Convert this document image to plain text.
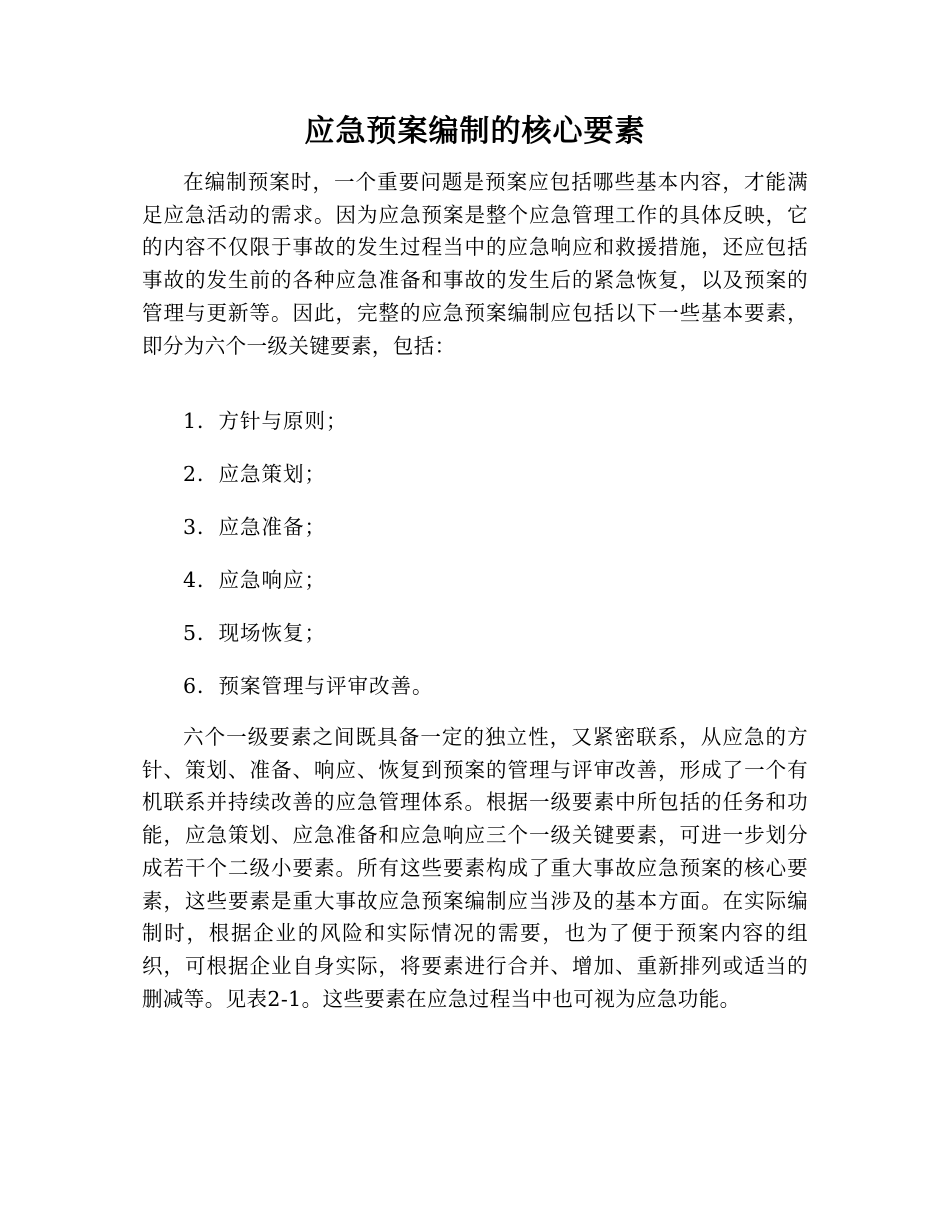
应急预案编制的核心要素

在编制预案时，一个重要问题是预案应包括哪些基本内容，才能满足应急活动的需求。因为应急预案是整个应急管理工作的具体反映，它的内容不仅限于事故的发生过程当中的应急响应和救援措施，还应包括事故的发生前的各种应急准备和事故的发生后的紧急恢复，以及预案的管理与更新等。因此，完整的应急预案编制应包括以下一些基本要素，即分为六个一级关键要素，包括：

1．方针与原则；
2．应急策划；
3．应急准备；
4．应急响应；
5．现场恢复；
6．预案管理与评审改善。

六个一级要素之间既具备一定的独立性，又紧密联系，从应急的方针、策划、准备、响应、恢复到预案的管理与评审改善，形成了一个有机联系并持续改善的应急管理体系。根据一级要素中所包括的任务和功能，应急策划、应急准备和应急响应三个一级关键要素，可进一步划分成若干个二级小要素。所有这些要素构成了重大事故应急预案的核心要素，这些要素是重大事故应急预案编制应当涉及的基本方面。在实际编制时，根据企业的风险和实际情况的需要，也为了便于预案内容的组织，可根据企业自身实际，将要素进行合并、增加、重新排列或适当的删减等。见表2-1。这些要素在应急过程当中也可视为应急功能。
